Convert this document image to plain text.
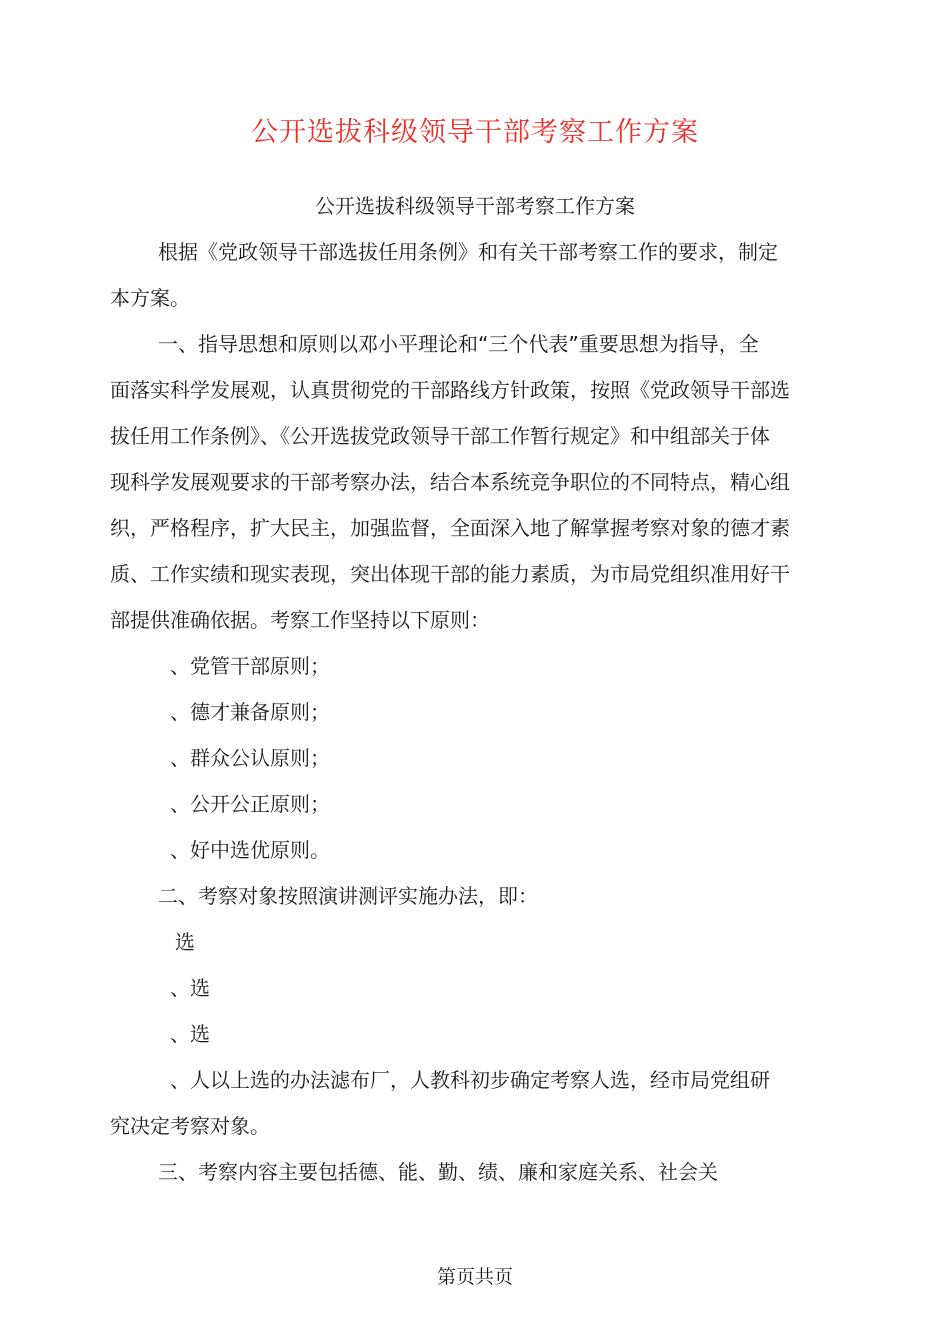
公开选拔科级领导干部考察工作方案
公开选拔科级领导干部考察工作方案
根据《党政领导干部选拔任用条例》和有关干部考察工作的要求，制定
本方案。
一、指导思想和原则以邓小平理论和“三个代表”重要思想为指导，全
面落实科学发展观，认真贯彻党的干部路线方针政策，按照《党政领导干部选
拔任用工作条例》、《公开选拔党政领导干部工作暂行规定》和中组部关于体
现科学发展观要求的干部考察办法，结合本系统竞争职位的不同特点，精心组
织，严格程序，扩大民主，加强监督，全面深入地了解掌握考察对象的德才素
质、工作实绩和现实表现，突出体现干部的能力素质，为市局党组织准用好干
部提供准确依据。考察工作坚持以下原则：
、党管干部原则；
、德才兼备原则；
、群众公认原则；
、公开公正原则；
、好中选优原则。
二、考察对象按照演讲测评实施办法，即：
选
、选
、选
、人以上选的办法滤布厂，人教科初步确定考察人选，经市局党组研
究决定考察对象。
三、考察内容主要包括德、能、勤、绩、廉和家庭关系、社会关
第页共页
